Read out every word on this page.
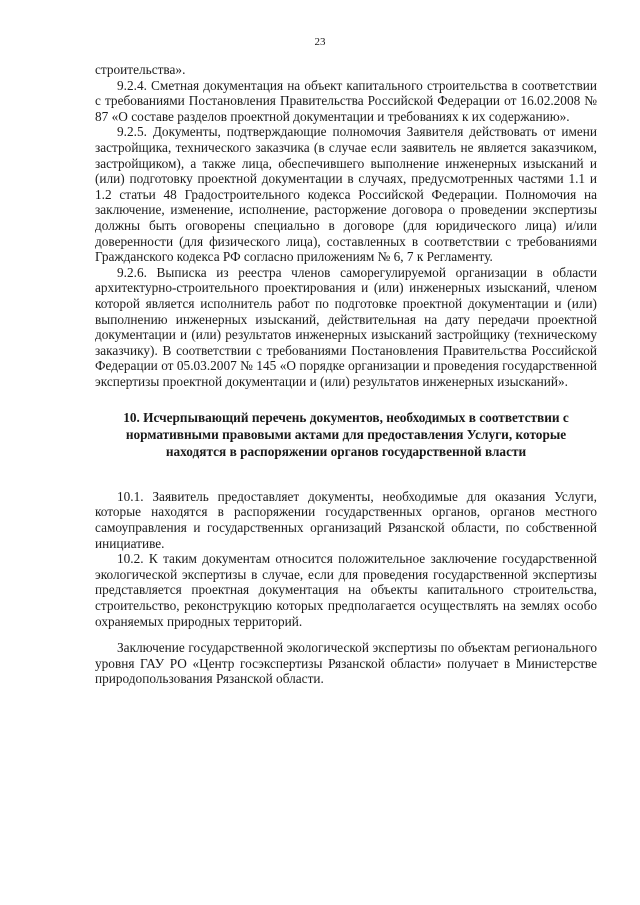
23

строительства».

9.2.4. Сметная документация на объект капитального строительства в соответствии с требованиями Постановления Правительства Российской Федерации от 16.02.2008 № 87 «О составе разделов проектной документации и требованиях к их содержанию».

9.2.5. Документы, подтверждающие полномочия Заявителя действовать от имени застройщика, технического заказчика (в случае если заявитель не является заказчиком, застройщиком), а также лица, обеспечившего выполнение инженерных изысканий и (или) подготовку проектной документации в случаях, предусмотренных частями 1.1 и 1.2 статьи 48 Градостроительного кодекса Российской Федерации. Полномочия на заключение, изменение, исполнение, расторжение договора о проведении экспертизы должны быть оговорены специально в договоре (для юридического лица) и/или доверенности (для физического лица), составленных в соответствии с требованиями Гражданского кодекса РФ согласно приложениям № 6, 7 к Регламенту.

9.2.6. Выписка из реестра членов саморегулируемой организации в области архитектурно-строительного проектирования и (или) инженерных изысканий, членом которой является исполнитель работ по подготовке проектной документации и (или) выполнению инженерных изысканий, действительная на дату передачи проектной документации и (или) результатов инженерных изысканий застройщику (техническому заказчику). В соответствии с требованиями Постановления Правительства Российской Федерации от 05.03.2007 № 145 «О порядке организации и проведения государственной экспертизы проектной документации и (или) результатов инженерных изысканий».

10. Исчерпывающий перечень документов, необходимых в соответствии с нормативными правовыми актами для предоставления Услуги, которые находятся в распоряжении органов государственной власти

10.1. Заявитель предоставляет документы, необходимые для оказания Услуги, которые находятся в распоряжении государственных органов, органов местного самоуправления и государственных организаций Рязанской области, по собственной инициативе.

10.2. К таким документам относится положительное заключение государственной экологической экспертизы в случае, если для проведения государственной экспертизы представляется проектная документация на объекты капитального строительства, строительство, реконструкцию которых предполагается осуществлять на землях особо охраняемых природных территорий.

Заключение государственной экологической экспертизы по объектам регионального уровня ГАУ РО «Центр госэкспертизы Рязанской области» получает в Министерстве природопользования Рязанской области.
